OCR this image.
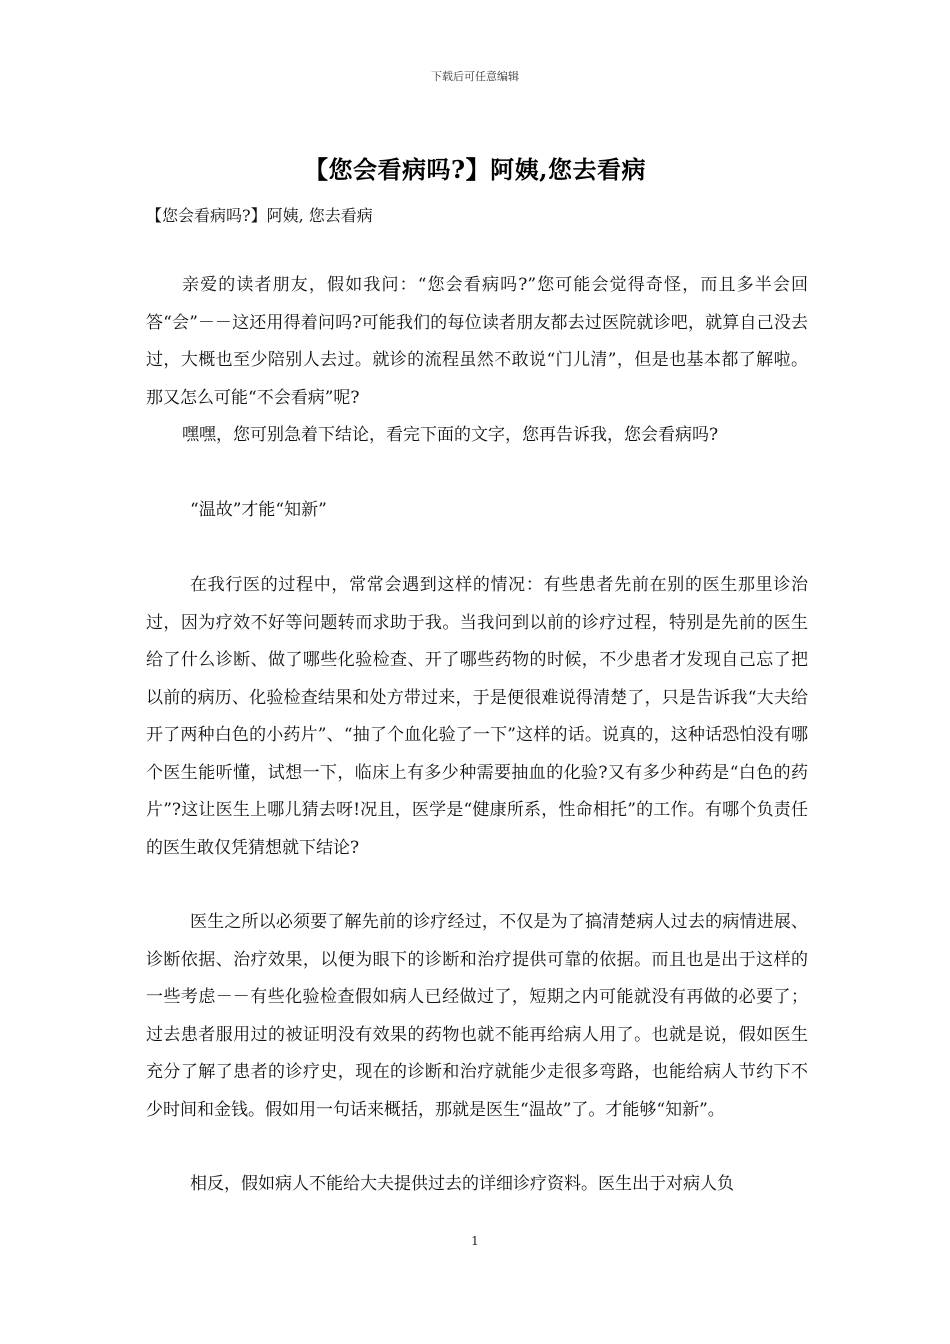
下载后可任意编辑
【您会看病吗?】阿姨,您去看病
【您会看病吗?】阿姨, 您去看病

亲爱的读者朋友，假如我问：“您会看病吗?”您可能会觉得奇怪，而且多半会回答“会”－－这还用得着问吗?可能我们的每位读者朋友都去过医院就诊吧，就算自己没去过，大概也至少陪别人去过。就诊的流程虽然不敢说“门儿清”，但是也基本都了解啦。那又怎么可能“不会看病”呢?

嘿嘿，您可别急着下结论，看完下面的文字，您再告诉我，您会看病吗?

“温故”才能“知新”

在我行医的过程中，常常会遇到这样的情况：有些患者先前在别的医生那里诊治过，因为疗效不好等问题转而求助于我。当我问到以前的诊疗过程，特别是先前的医生给了什么诊断、做了哪些化验检查、开了哪些药物的时候，不少患者才发现自己忘了把以前的病历、化验检查结果和处方带过来，于是便很难说得清楚了，只是告诉我“大夫给开了两种白色的小药片”、“抽了个血化验了一下”这样的话。说真的，这种话恐怕没有哪个医生能听懂，试想一下，临床上有多少种需要抽血的化验?又有多少种药是“白色的药片”?这让医生上哪儿猜去呀!况且，医学是“健康所系，性命相托”的工作。有哪个负责任的医生敢仅凭猜想就下结论?

医生之所以必须要了解先前的诊疗经过，不仅是为了搞清楚病人过去的病情进展、诊断依据、治疗效果，以便为眼下的诊断和治疗提供可靠的依据。而且也是出于这样的一些考虑－－有些化验检查假如病人已经做过了，短期之内可能就没有再做的必要了；过去患者服用过的被证明没有效果的药物也就不能再给病人用了。也就是说，假如医生充分了解了患者的诊疗史，现在的诊断和治疗就能少走很多弯路，也能给病人节约下不少时间和金钱。假如用一句话来概括，那就是医生“温故”了。才能够“知新”。

相反，假如病人不能给大夫提供过去的详细诊疗资料。医生出于对病人负

1
